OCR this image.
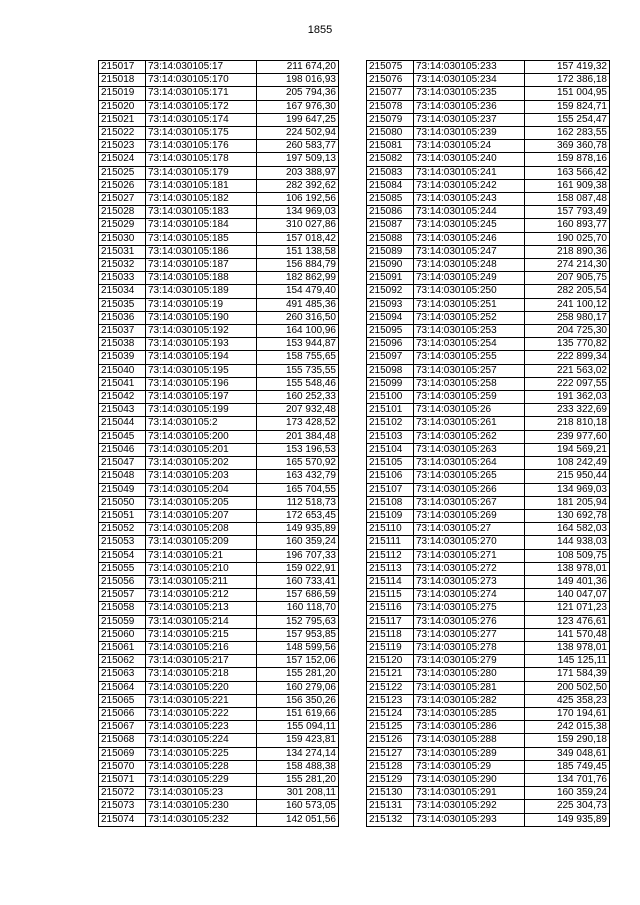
1855
215017	73:14:030105:17	211 674,20
215018	73:14:030105:170	198 016,93
215019	73:14:030105:171	205 794,36
215020	73:14:030105:172	167 976,30
215021	73:14:030105:174	199 647,25
215022	73:14:030105:175	224 502,94
215023	73:14:030105:176	260 583,77
215024	73:14:030105:178	197 509,13
215025	73:14:030105:179	203 388,97
215026	73:14:030105:181	282 392,62
215027	73:14:030105:182	106 192,56
215028	73:14:030105:183	134 969,03
215029	73:14:030105:184	310 027,86
215030	73:14:030105:185	157 018,42
215031	73:14:030105:186	151 138,58
215032	73:14:030105:187	156 884,79
215033	73:14:030105:188	182 862,99
215034	73:14:030105:189	154 479,40
215035	73:14:030105:19	491 485,36
215036	73:14:030105:190	260 316,50
215037	73:14:030105:192	164 100,96
215038	73:14:030105:193	153 944,87
215039	73:14:030105:194	158 755,65
215040	73:14:030105:195	155 735,55
215041	73:14:030105:196	155 548,46
215042	73:14:030105:197	160 252,33
215043	73:14:030105:199	207 932,48
215044	73:14:030105:2	173 428,52
215045	73:14:030105:200	201 384,48
215046	73:14:030105:201	153 196,53
215047	73:14:030105:202	165 570,92
215048	73:14:030105:203	163 432,79
215049	73:14:030105:204	165 704,55
215050	73:14:030105:205	112 518,73
215051	73:14:030105:207	172 653,45
215052	73:14:030105:208	149 935,89
215053	73:14:030105:209	160 359,24
215054	73:14:030105:21	196 707,33
215055	73:14:030105:210	159 022,91
215056	73:14:030105:211	160 733,41
215057	73:14:030105:212	157 686,59
215058	73:14:030105:213	160 118,70
215059	73:14:030105:214	152 795,63
215060	73:14:030105:215	157 953,85
215061	73:14:030105:216	148 599,56
215062	73:14:030105:217	157 152,06
215063	73:14:030105:218	155 281,20
215064	73:14:030105:220	160 279,06
215065	73:14:030105:221	156 350,26
215066	73:14:030105:222	151 619,66
215067	73:14:030105:223	155 094,11
215068	73:14:030105:224	159 423,81
215069	73:14:030105:225	134 274,14
215070	73:14:030105:228	158 488,38
215071	73:14:030105:229	155 281,20
215072	73:14:030105:23	301 208,11
215073	73:14:030105:230	160 573,05
215074	73:14:030105:232	142 051,56
215075	73:14:030105:233	157 419,32
215076	73:14:030105:234	172 386,18
215077	73:14:030105:235	151 004,95
215078	73:14:030105:236	159 824,71
215079	73:14:030105:237	155 254,47
215080	73:14:030105:239	162 283,55
215081	73:14:030105:24	369 360,78
215082	73:14:030105:240	159 878,16
215083	73:14:030105:241	163 566,42
215084	73:14:030105:242	161 909,38
215085	73:14:030105:243	158 087,48
215086	73:14:030105:244	157 793,49
215087	73:14:030105:245	160 893,77
215088	73:14:030105:246	190 025,70
215089	73:14:030105:247	218 890,36
215090	73:14:030105:248	274 214,30
215091	73:14:030105:249	207 905,75
215092	73:14:030105:250	282 205,54
215093	73:14:030105:251	241 100,12
215094	73:14:030105:252	258 980,17
215095	73:14:030105:253	204 725,30
215096	73:14:030105:254	135 770,82
215097	73:14:030105:255	222 899,34
215098	73:14:030105:257	221 563,02
215099	73:14:030105:258	222 097,55
215100	73:14:030105:259	191 362,03
215101	73:14:030105:26	233 322,69
215102	73:14:030105:261	218 810,18
215103	73:14:030105:262	239 977,60
215104	73:14:030105:263	194 569,21
215105	73:14:030105:264	108 242,49
215106	73:14:030105:265	215 950,44
215107	73:14:030105:266	134 969,03
215108	73:14:030105:267	181 205,94
215109	73:14:030105:269	130 692,78
215110	73:14:030105:27	164 582,03
215111	73:14:030105:270	144 938,03
215112	73:14:030105:271	108 509,75
215113	73:14:030105:272	138 978,01
215114	73:14:030105:273	149 401,36
215115	73:14:030105:274	140 047,07
215116	73:14:030105:275	121 071,23
215117	73:14:030105:276	123 476,61
215118	73:14:030105:277	141 570,48
215119	73:14:030105:278	138 978,01
215120	73:14:030105:279	145 125,11
215121	73:14:030105:280	171 584,39
215122	73:14:030105:281	200 502,50
215123	73:14:030105:282	425 358,23
215124	73:14:030105:285	170 194,61
215125	73:14:030105:286	242 015,38
215126	73:14:030105:288	159 290,18
215127	73:14:030105:289	349 048,61
215128	73:14:030105:29	185 749,45
215129	73:14:030105:290	134 701,76
215130	73:14:030105:291	160 359,24
215131	73:14:030105:292	225 304,73
215132	73:14:030105:293	149 935,89
